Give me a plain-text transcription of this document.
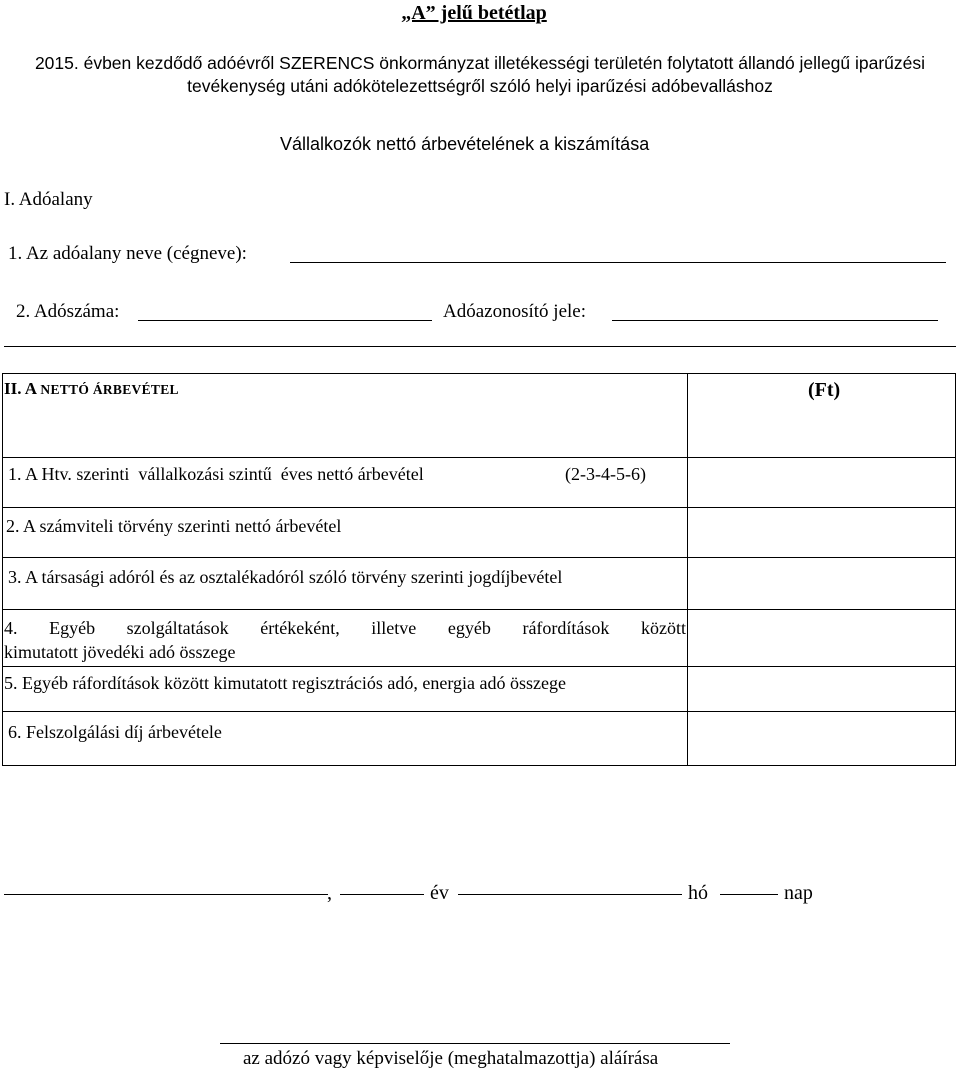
„A” jelű betétlap
2015. évben kezdődő adóévről SZERENCS önkormányzat illetékességi területén folytatott állandó jellegű iparűzési tevékenység utáni adókötelezettségről szóló helyi iparűzési adóbevalláshoz
Vállalkozók nettó árbevételének a kiszámítása
I. Adóalany
1. Az adóalany neve (cégneve):
2. Adószáma:	Adóazonosító jele:
II. A NETTÓ ÁRBEVÉTEL	(Ft)
1. A Htv. szerinti  vállalkozási szintű  éves nettó árbevétel	(2-3-4-5-6)
2. A számviteli törvény szerinti nettó árbevétel
3. A társasági adóról és az osztalékadóról szóló törvény szerinti jogdíjbevétel
4. Egyéb szolgáltatások értékeként, illetve egyéb ráfordítások között
kimutatott jövedéki adó összege
5. Egyéb ráfordítások között kimutatott regisztrációs adó, energia adó összege
6. Felszolgálási díj árbevétele
,	év	hó	nap
az adózó vagy képviselője (meghatalmazottja) aláírása
